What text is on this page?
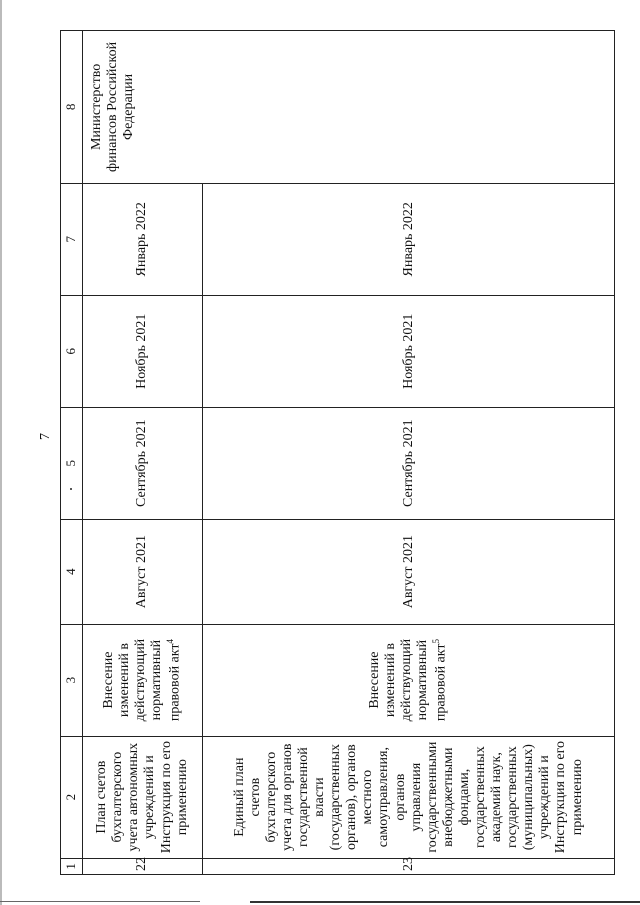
7
1	2	3	4	5	6	7	8
22	План счетов бухгалтерского учета автономных учреждений и Инструкция по его применению	Внесение изменений в действующий нормативный правовой акт$^4$	Август 2021	Сентябрь 2021	Ноябрь 2021	Январь 2022	Министерство финансов Российской Федерации
23	Единый план счетов бухгалтерского учета для органов государственной власти (государственных органов), органов местного самоуправления, органов управления государственными внебюджетными фондами, государственных академий наук, государственных (муниципальных) учреждений и Инструкция по его применению	Внесение изменений в действующий нормативный правовой акт$^5$	Август 2021	Сентябрь 2021	Ноябрь 2021	Январь 2022	
